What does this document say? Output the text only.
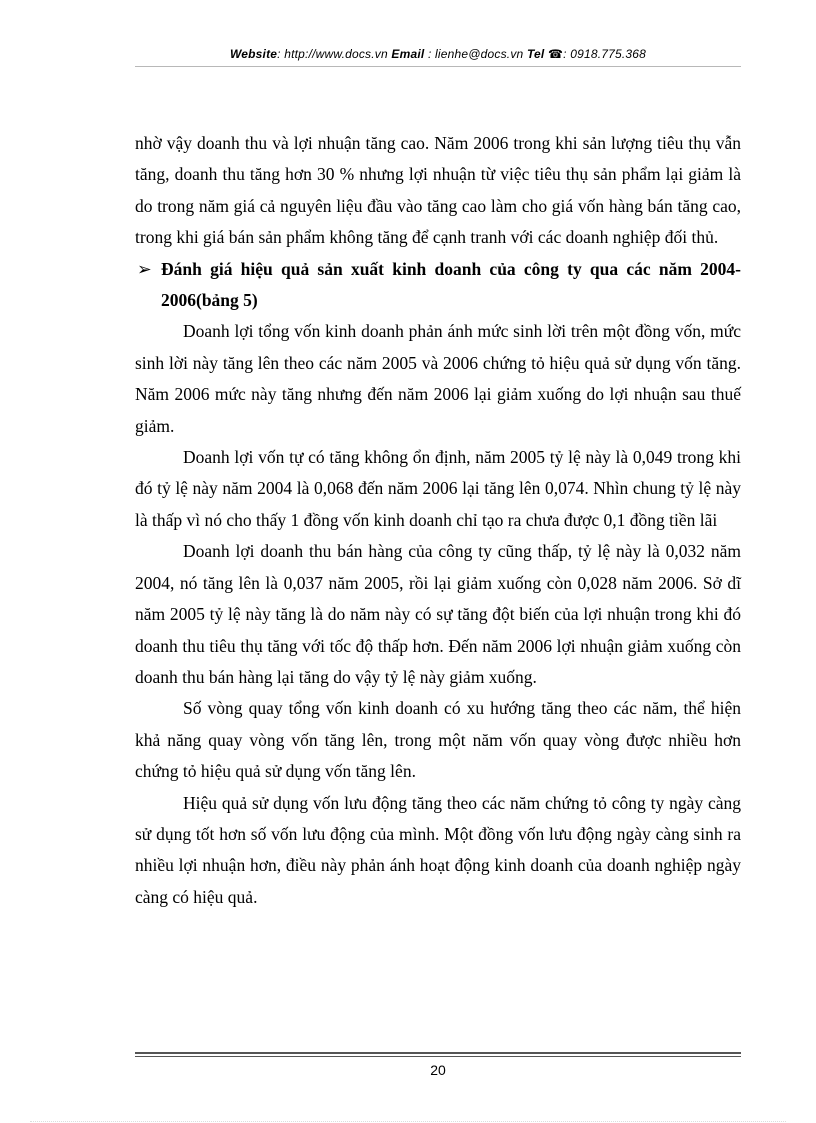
Website: http://www.docs.vn Email : lienhe@docs.vn Tel ☎: 0918.775.368

nhờ vậy doanh thu và lợi nhuận tăng cao. Năm 2006 trong khi sản lượng tiêu thụ vẫn tăng, doanh thu tăng hơn 30 % nhưng lợi nhuận từ việc tiêu thụ sản phẩm lại giảm là do trong năm giá cả nguyên liệu đầu vào tăng cao làm cho giá vốn hàng bán tăng cao, trong khi giá bán sản phẩm không tăng để cạnh tranh với các doanh nghiệp đối thủ.

➢ Đánh giá hiệu quả sản xuất kinh doanh của công ty qua các năm 2004-2006(bảng 5)

Doanh lợi tổng vốn kinh doanh phản ánh mức sinh lời trên một đồng vốn, mức sinh lời này tăng lên theo các năm 2005 và 2006 chứng tỏ hiệu quả sử dụng vốn tăng. Năm 2006 mức này tăng nhưng đến năm 2006 lại giảm xuống do lợi nhuận sau thuế giảm.

Doanh lợi vốn tự có tăng không ổn định, năm 2005 tỷ lệ này là 0,049 trong khi đó tỷ lệ này năm 2004 là 0,068 đến năm 2006 lại tăng lên 0,074. Nhìn chung tỷ lệ này là thấp vì nó cho thấy 1 đồng vốn kinh doanh chỉ tạo ra chưa được 0,1 đồng tiền lãi

Doanh lợi doanh thu bán hàng của công ty cũng thấp, tỷ lệ này là 0,032 năm 2004, nó tăng lên là 0,037 năm 2005, rồi lại giảm xuống còn 0,028 năm 2006. Sở dĩ năm 2005 tỷ lệ này tăng là do năm này có sự tăng đột biến của lợi nhuận trong khi đó doanh thu tiêu thụ tăng với tốc độ thấp hơn. Đến năm 2006 lợi nhuận giảm xuống còn doanh thu bán hàng lại tăng do vậy tỷ lệ này giảm xuống.

Số vòng quay tổng vốn kinh doanh có xu hướng tăng theo các năm, thể hiện khả năng quay vòng vốn tăng lên, trong một năm vốn quay vòng được nhiều hơn chứng tỏ hiệu quả sử dụng vốn tăng lên.

Hiệu quả sử dụng vốn lưu động tăng theo các năm chứng tỏ công ty ngày càng sử dụng tốt hơn số vốn lưu động của mình. Một đồng vốn lưu động ngày càng sinh ra nhiều lợi nhuận hơn, điều này phản ánh hoạt động kinh doanh của doanh nghiệp ngày càng có hiệu quả.

20
